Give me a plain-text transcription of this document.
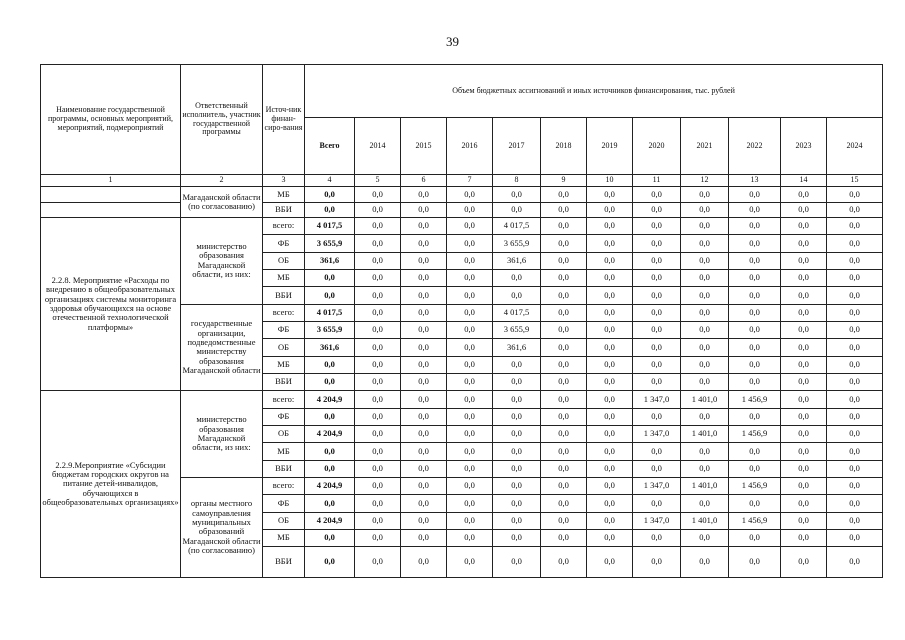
39
Наименование государственной программы, основных мероприятий, мероприятий, подмероприятий	Ответственный исполнитель, участник государственной программы	Источ-ник финан-сиро-вания	Объем бюджетных ассигнований и иных источников финансирования, тыс. рублей											
			Всего	2014	2015	2016	2017	2018	2019	2020	2021	2022	2023	2024
1	2	3	4	5	6	7	8	9	10	11	12	13	14	15
	Магаданской области (по согласованию)	МБ	0,0	0,0	0,0	0,0	0,0	0,0	0,0	0,0	0,0	0,0	0,0	0,0
		ВБИ	0,0	0,0	0,0	0,0	0,0	0,0	0,0	0,0	0,0	0,0	0,0	0,0
2.2.8. Мероприятие «Расходы по внедрению в общеобразовательных организациях системы мониторинга здоровья обучающихся на основе отечественной технологической платформы»	министерство образования Магаданской области, из них:	всего:	4 017,5	0,0	0,0	0,0	4 017,5	0,0	0,0	0,0	0,0	0,0	0,0	0,0
		ФБ	3 655,9	0,0	0,0	0,0	3 655,9	0,0	0,0	0,0	0,0	0,0	0,0	0,0
		ОБ	361,6	0,0	0,0	0,0	361,6	0,0	0,0	0,0	0,0	0,0	0,0	0,0
		МБ	0,0	0,0	0,0	0,0	0,0	0,0	0,0	0,0	0,0	0,0	0,0	0,0
		ВБИ	0,0	0,0	0,0	0,0	0,0	0,0	0,0	0,0	0,0	0,0	0,0	0,0
	государственные организации, подведомственные министерству образования Магаданской области	всего:	4 017,5	0,0	0,0	0,0	4 017,5	0,0	0,0	0,0	0,0	0,0	0,0	0,0
		ФБ	3 655,9	0,0	0,0	0,0	3 655,9	0,0	0,0	0,0	0,0	0,0	0,0	0,0
		ОБ	361,6	0,0	0,0	0,0	361,6	0,0	0,0	0,0	0,0	0,0	0,0	0,0
		МБ	0,0	0,0	0,0	0,0	0,0	0,0	0,0	0,0	0,0	0,0	0,0	0,0
		ВБИ	0,0	0,0	0,0	0,0	0,0	0,0	0,0	0,0	0,0	0,0	0,0	0,0
2.2.9.Мероприятие «Субсидии бюджетам городских округов на питание детей-инвалидов, обучающихся в общеобразовательных организациях»	министерство образования Магаданской области, из них:	всего:	4 204,9	0,0	0,0	0,0	0,0	0,0	0,0	1 347,0	1 401,0	1 456,9	0,0	0,0
		ФБ	0,0	0,0	0,0	0,0	0,0	0,0	0,0	0,0	0,0	0,0	0,0	0,0
		ОБ	4 204,9	0,0	0,0	0,0	0,0	0,0	0,0	1 347,0	1 401,0	1 456,9	0,0	0,0
		МБ	0,0	0,0	0,0	0,0	0,0	0,0	0,0	0,0	0,0	0,0	0,0	0,0
		ВБИ	0,0	0,0	0,0	0,0	0,0	0,0	0,0	0,0	0,0	0,0	0,0	0,0
	органы местного самоуправления муниципальных образований Магаданской области (по согласованию)	всего:	4 204,9	0,0	0,0	0,0	0,0	0,0	0,0	1 347,0	1 401,0	1 456,9	0,0	0,0
		ФБ	0,0	0,0	0,0	0,0	0,0	0,0	0,0	0,0	0,0	0,0	0,0	0,0
		ОБ	4 204,9	0,0	0,0	0,0	0,0	0,0	0,0	1 347,0	1 401,0	1 456,9	0,0	0,0
		МБ	0,0	0,0	0,0	0,0	0,0	0,0	0,0	0,0	0,0	0,0	0,0	0,0
		ВБИ	0,0	0,0	0,0	0,0	0,0	0,0	0,0	0,0	0,0	0,0	0,0	0,0
